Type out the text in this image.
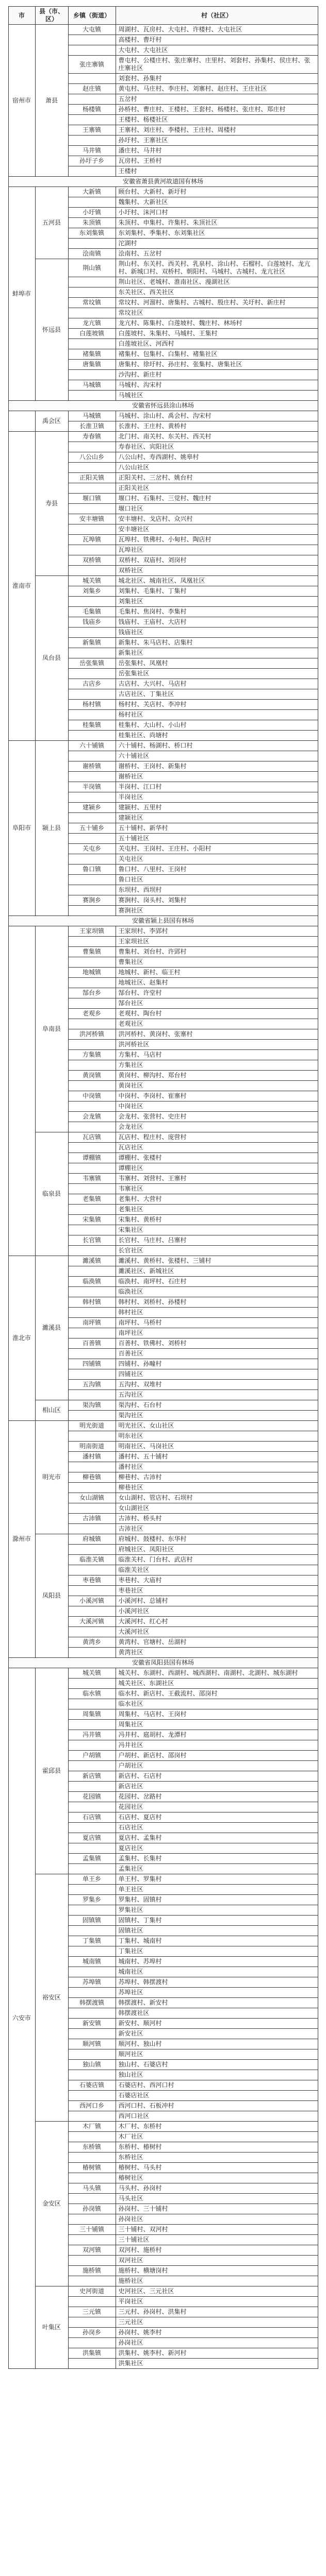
市	县（市、区）	乡镇（街道）	村（社区）
宿州市	萧县	大屯镇	周湖村、瓦房村、大屯村、许楼村、大屯社区
			高楼村、曹圩村
			大屯村、大屯社区
		张庄寨镇	曹屯村、公楼庄村、张庄寨村、庄里村、刘套村、孙集村、侯庄村、张庄寨社区
			刘套村、孙集村
		赵庄镇	黄屯村、马庄村、李庄村、刘寨村、赵庄村、王庄社区
			五岔村
		杨楼镇	孙桥村、曹庄村、王楼村、王套村、杨楼村、张庄村、郑庄村
			王楼村、杨楼社区
		王寨镇	王寨村、刘庄村、李楼村、王庄村、周楼村
			孙圩村、王寨社区
		马井镇	潘庄村、马井村
		孙圩子乡	瓦房村、王桥村
			王楼村
安徽省萧县黄河故道国有林场			
蚌埠市	五河县	大新镇	顾台村、大新村、新圩村
			魏集村、大新社区
		小圩镇	小圩村、沫河口村
		朱顶镇	朱顶村、申集村、许集村、朱顶社区
		东刘集镇	东刘集村、季集村、东刘集社区
			沱湖村
		浍南镇	浍南村、五岔村
	怀远县	荆山镇	荆山村、东关村、西关村、乳泉村、涂山村、石榴村、白莲坡村、龙亢村、新城口村、双桥村、朝阳村、马城村、古城村、龙亢社区
			荆山社区、老城村、淮南社区、漫湖社区
			东关社区、西关社区
		常坟镇	常坟村、河溜村、唐集村、古城村、殷庄村、关圩村、新庄村
			常坟社区
		龙亢镇	龙亢村、陈集村、白莲坡村、魏庄村、林场村
		白莲坡镇	白莲坡村、朱集村、马城村、王集村
			白莲坡社区、河西村
		褚集镇	褚集村、包集村、白集村、褚集社区
		唐集镇	唐集村、徐圩村、孙庄村、张集村、唐集社区
			沙沟村、新庄村
		马城镇	马城村、沟宋村
			马城社区
安徽省怀远县涂山林场			
	禹会区	马城镇	马城村、涂山村、禹会村、沟宋村
		长淮卫镇	长淮村、王庄村、黄桥村
淮南市	寿县	寿春镇	北门村、南关村、东关村、西关村
			寿春社区、宾阳社区
		八公山乡	八公山村、寿西湖村、姚皋村
			八公山社区
		正阳关镇	正阳关村、三岔村、姚台村
			正阳关社区
		堰口镇	堰口村、石集村、三觉村、魏庄村
			堰口社区
		安丰塘镇	安丰塘村、戈店村、众兴村
			安丰塘社区
		瓦埠镇	瓦埠村、铁佛村、小甸村、陶店村
			瓦埠社区
		双桥镇	双桥村、双庙村、刘岗村
			双桥社区
	凤台县	城关镇	城北社区、城南社区、凤凰社区
		刘集乡	刘集村、毛集村、丁集村
			刘集社区
		毛集镇	毛集村、焦岗村、李集村
		钱庙乡	钱庙村、王庙村、大店村
			钱庙社区
		新集镇	新集村、朱马店村、店集村
			新集社区
		岳张集镇	岳张集村、凤凰村
			岳张集社区
		古店乡	古店村、大兴村、马店村
			古店社区、丁集社区
		杨村镇	杨村村、关店村、李冲村
			杨村社区
		桂集镇	桂集村、大山村、小山村
			桂集社区、尚塘村
阜阳市	颍上县	六十铺镇	六十铺村、杨湖村、桥口村
			六十铺社区
		谢桥镇	谢桥村、王岗村、新集村
			谢桥社区
		半岗镇	半岗村、江口村
			半岗社区
		建颍乡	建颍村、五里村
			建颍社区
		五十铺乡	五十铺村、新华村
			五十铺社区
		关屯乡	关屯村、王岗村、王庄村、小阳村
			关屯社区
		鲁口镇	鲁口村、八里村、王岗村
			鲁口社区
			东坝村、西坝村
		赛涧乡	赛涧村、岗头村、刘集村
			赛涧社区
安徽省颍上县国有林场			
	阜南县	王家坝镇	王家坝村、李郢村
			王家坝社区
		曹集镇	曹集村、刘台村、许郢村
			曹集社区
		地城镇	地城村、新村、临王村
			地城社区、赵集村
		郜台乡	郜台村、许堂村
			郜台社区
		老观乡	老观村、陶台村
			老观社区
		洪河桥镇	洪河桥村、黄岗村、张寨村
			洪河桥社区
		方集镇	方集村、马店村
			方集社区
		黄岗镇	黄岗村、柳沟村、郑台村
			黄岗社区
		中岗镇	中岗村、李岗村、崔寨村
			中岗社区
		会龙镇	会龙村、张营村、史庄村
			会龙社区
	临泉县	瓦店镇	瓦店村、程庄村、庞营村
			瓦店社区
		谭棚镇	谭棚村、张楼村
			谭棚社区
		韦寨镇	韦寨村、刘营村、王寨村
			韦寨社区
		老集镇	老集村、大营村
			老集社区
		宋集镇	宋集村、黄桥村
			宋集社区
		长官镇	长官村、马庄村、吕寨村
			长官社区
淮北市	濉溪县	濉溪镇	濉溪村、黄桥村、张楼村、三铺村
			濉溪社区、新城社区
		临涣镇	临涣村、南坪村、石庄村
			临涣社区
		韩村镇	韩村村、刘桥村、孙楼村
			韩村社区
		南坪镇	南坪村、马桥村
			南坪社区
		百善镇	百善村、铁佛村、刘桥村
			百善社区
		四铺镇	四铺村、孙疃村
			四铺社区
		五沟镇	五沟村、双堆村
			五沟社区
	相山区	渠沟镇	渠沟村、石台村
			渠沟社区
滁州市	明光市	明光街道	明光社区、女山社区
			明东社区
		明南街道	明南社区、马岗社区
		潘村镇	潘村村、五十铺村
			潘村社区
		柳巷镇	柳巷村、古沛村
			柳巷社区
		女山湖镇	女山湖村、管店村、石坝村
			女山湖社区
		古沛镇	古沛村、桥头村
			古沛社区
	凤阳县	府城镇	府城村、鼓楼村、东华村
			府城社区、凤阳社区
		临淮关镇	临淮关村、门台村、武店村
			临淮关社区
		枣巷镇	枣巷村、大庙村
			枣巷社区
		小溪河镇	小溪河村、总铺村
			小溪河社区
		大溪河镇	大溪河村、红心村
			大溪河社区
		黄湾乡	黄湾村、官塘村、岳湖村
			黄湾社区
安徽省凤阳县国有林场			
六安市	霍邱县	城关镇	城关村、东湖村、西湖村、城西湖村、南湖村、北湖村、城东湖村
			城关社区、东湖社区
		临水镇	临水村、新店村、王截流村、邵岗村
			临水社区
		周集镇	周集村、马店村、王岗村
			周集社区
		冯井镇	冯井村、扈胡村、龙潭村
			冯井社区
		户胡镇	户胡村、新店村、邵岗村
			户胡社区
		新店镇	新店村、石店村
			新店社区
		花园镇	花园村、岔路村
			花园社区
		石店镇	石店村、夏店村
			石店社区
		夏店镇	夏店村、孟集村
			夏店社区
		孟集镇	孟集村、长集村
			孟集社区
	裕安区	单王乡	单王村、罗集村
			单王社区
		罗集乡	罗集村、固镇村
			罗集社区
		固镇镇	固镇村、丁集村
			固镇社区
		丁集镇	丁集村、城南村
			丁集社区
		城南镇	城南村、苏埠村
			城南社区
		苏埠镇	苏埠村、韩摆渡村
			苏埠社区
		韩摆渡镇	韩摆渡村、新安村
			韩摆渡社区
		新安镇	新安村、顺河村
			新安社区
		顺河镇	顺河村、独山村
			顺河社区
		独山镇	独山村、石婆店村
			独山社区
		石婆店镇	石婆店村、西河口村
			石婆店社区
		西河口乡	西河口村、石板冲村
			西河口社区
	金安区	木厂镇	木厂村、东桥村
			木厂社区
		东桥镇	东桥村、椿树村
			东桥社区
		椿树镇	椿树村、马头村
			椿树社区
		马头镇	马头村、孙岗村
			马头社区
		孙岗镇	孙岗村、三十铺村
			孙岗社区
		三十铺镇	三十铺村、双河村
			三十铺社区
		双河镇	双河村、施桥村
			双河社区
		施桥镇	施桥村、横塘岗村
			施桥社区
	叶集区	史河街道	史河社区、三元社区
			平岗社区
		三元镇	三元村、孙岗村、洪集村
			三元社区
		孙岗乡	孙岗村、姚李村
			孙岗社区
		洪集镇	洪集村、姚李村、新河村
			洪集社区
